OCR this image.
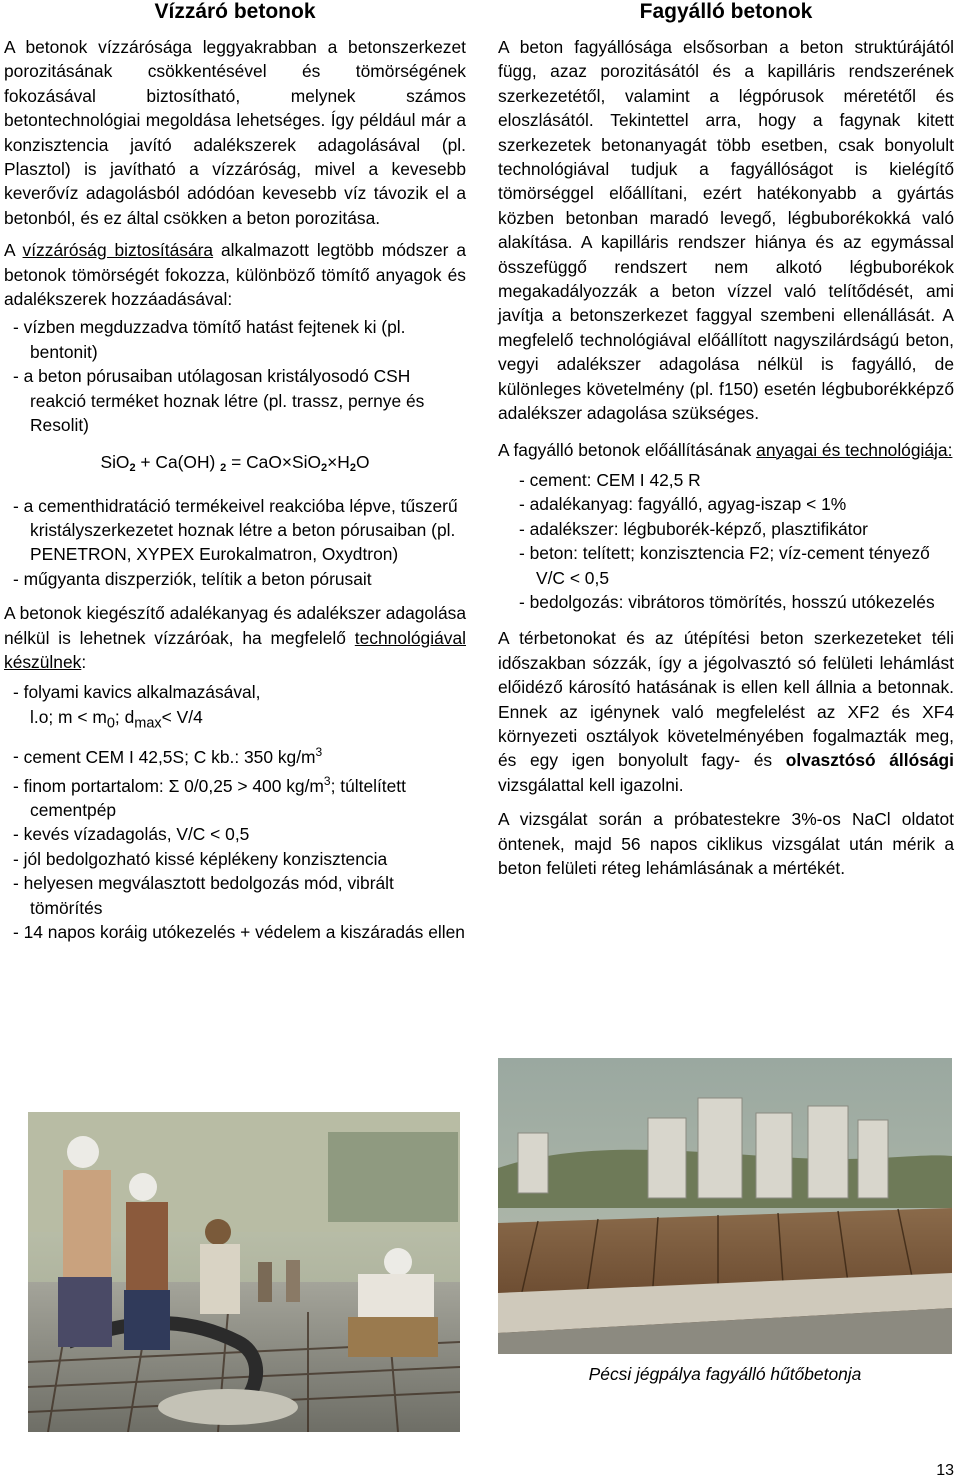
Vízzáró betonok

A betonok vízzárósága leggyakrabban a betonszerkezet porozitásának csökkentésével és tömörségének fokozásával biztosítható, melynek számos betontechnológiai megoldása lehetséges. Így például már a konzisztencia javító adalékszerek adagolásával (pl. Plasztol) is javítható a vízzáróság, mivel a kevesebb keverővíz adagolásból adódóan kevesebb víz távozik el a betonból, és ez által csökken a beton porozitása.

A vízzáróság biztosítására alkalmazott legtöbb módszer a betonok tömörségét fokozza, különböző tömítő anyagok és adalékszerek hozzáadásával:

- vízben megduzzadva tömítő hatást fejtenek ki (pl. bentonit)
- a beton pórusaiban utólagosan kristályosodó CSH reakció terméket hoznak létre (pl. trassz, pernye és Resolit)
SiO$_2$ + Ca(OH) $_2 = CaO\times SiO_2\times H_2O$
- a cementhidratáció termékeivel reakcióba lépve, tűszerű kristályszerkezetet hoznak létre a beton pórusaiban (pl. PENETRON, XYPEX Eurokalmatron, Oxydtron)
- műgyanta diszperziók, telítik a beton pórusait

A betonok kiegészítő adalékanyag és adalékszer adagolása nélkül is lehetnek vízzáróak, ha megfelelő technológiával készülnek:

- folyami kavics alkalmazásával,
l.o; $m < m_0$; $d_{max}< V/4$
- cement CEM I 42,5S; C kb.: 350 $kg/m^3$
- finom portartalom: Σ 0/0,25 > 400 $kg/m^3$; túltelített cementpép
- kevés vízadagolás, V/C < 0,5
- jól bedolgozható kissé képlékeny konzisztencia
- helyesen megválasztott bedolgozás mód, vibrált tömörítés
- 14 napos koráig utókezelés + védelem a kiszáradás ellen
Fagyálló betonok

A beton fagyállósága elsősorban a beton struktúrájától függ, azaz porozitásától és a kapilláris rendszerének szerkezetétől, valamint a légpórusok méretétől és eloszlásától. Tekintettel arra, hogy a fagynak kitett szerkezetek betonanyagát több esetben, csak bonyolult technológiával tudjuk a fagyállóságot is kielégítő tömörséggel előállítani, ezért hatékonyabb a gyártás közben betonban maradó levegő, légbuborékokká való alakítása. A kapilláris rendszer hiánya és az egymással összefüggő rendszert nem alkotó légbuborékok megakadályozzák a beton vízzel való telítődését, ami javítja a betonszerkezet faggyal szembeni ellenállását. A megfelelő technológiával előállított nagyszilárdságú beton, vegyi adalékszer adagolása nélkül is fagyálló, de különleges követelmény (pl. f150) esetén légbuborékképző adalékszer adagolása szükséges.

A fagyálló betonok előállításának anyagai és technológiája:

- cement: CEM I 42,5 R
- adalékanyag: fagyálló, agyag-iszap < 1%
- adalékszer: légbuborék-képző, plasztifikátor
- beton: telített; konzisztencia F2; víz-cement tényező V/C < 0,5
- bedolgozás: vibrátoros tömörítés, hosszú utókezelés

A térbetonokat és az útépítési beton szerkezeteket téli időszakban sózzák, így a jégolvasztó só felületi lehámlást előidéző károsító hatásának is ellen kell állnia a betonnak. Ennek az igénynek való megfelelést az XF2 és XF4 környezeti osztályok követelményében fogalmazták meg, és egy igen bonyolult fagy- és olvasztósó állósági vizsgálattal kell igazolni.

A vizsgálat során a próbatestekre 3%-os NaCl oldatot öntenek, majd 56 napos ciklikus vizsgálat után mérik a beton felületi réteg lehámlásának a mértékét.

Pécsi jégpálya fagyálló hűtőbetonja
13
